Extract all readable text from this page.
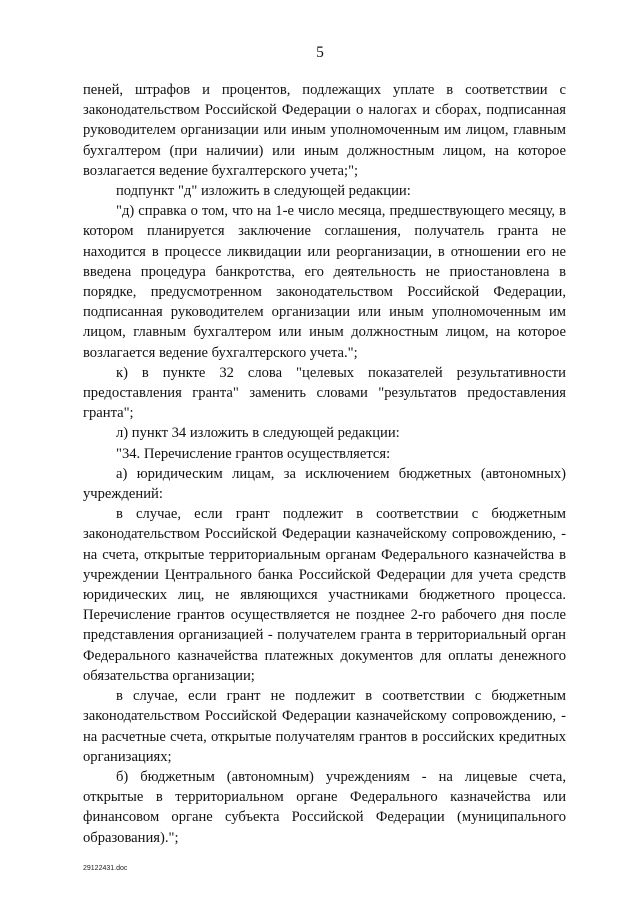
5

пеней, штрафов и процентов, подлежащих уплате в соответствии с законодательством Российской Федерации о налогах и сборах, подписанная руководителем организации или иным уполномоченным им лицом, главным бухгалтером (при наличии) или иным должностным лицом, на которое возлагается ведение бухгалтерского учета;";

подпункт "д" изложить в следующей редакции:

"д) справка о том, что на 1-е число месяца, предшествующего месяцу, в котором планируется заключение соглашения, получатель гранта не находится в процессе ликвидации или реорганизации, в отношении его не введена процедура банкротства, его деятельность не приостановлена в порядке, предусмотренном законодательством Российской Федерации, подписанная руководителем организации или иным уполномоченным им лицом, главным бухгалтером или иным должностным лицом, на которое возлагается ведение бухгалтерского учета.";

к) в пункте 32 слова "целевых показателей результативности предоставления гранта" заменить словами "результатов предоставления гранта";

л) пункт 34 изложить в следующей редакции:

"34. Перечисление грантов осуществляется:

а) юридическим лицам, за исключением бюджетных (автономных) учреждений:

в случае, если грант подлежит в соответствии с бюджетным законодательством Российской Федерации казначейскому сопровождению, - на счета, открытые территориальным органам Федерального казначейства в учреждении Центрального банка Российской Федерации для учета средств юридических лиц, не являющихся участниками бюджетного процесса. Перечисление грантов осуществляется не позднее 2-го рабочего дня после представления организацией - получателем гранта в территориальный орган Федерального казначейства платежных документов для оплаты денежного обязательства организации;

в случае, если грант не подлежит в соответствии с бюджетным законодательством Российской Федерации казначейскому сопровождению, - на расчетные счета, открытые получателям грантов в российских кредитных организациях;

б) бюджетным (автономным) учреждениям - на лицевые счета, открытые в территориальном органе Федерального казначейства или финансовом органе субъекта Российской Федерации (муниципального образования).";

29122431.doc
